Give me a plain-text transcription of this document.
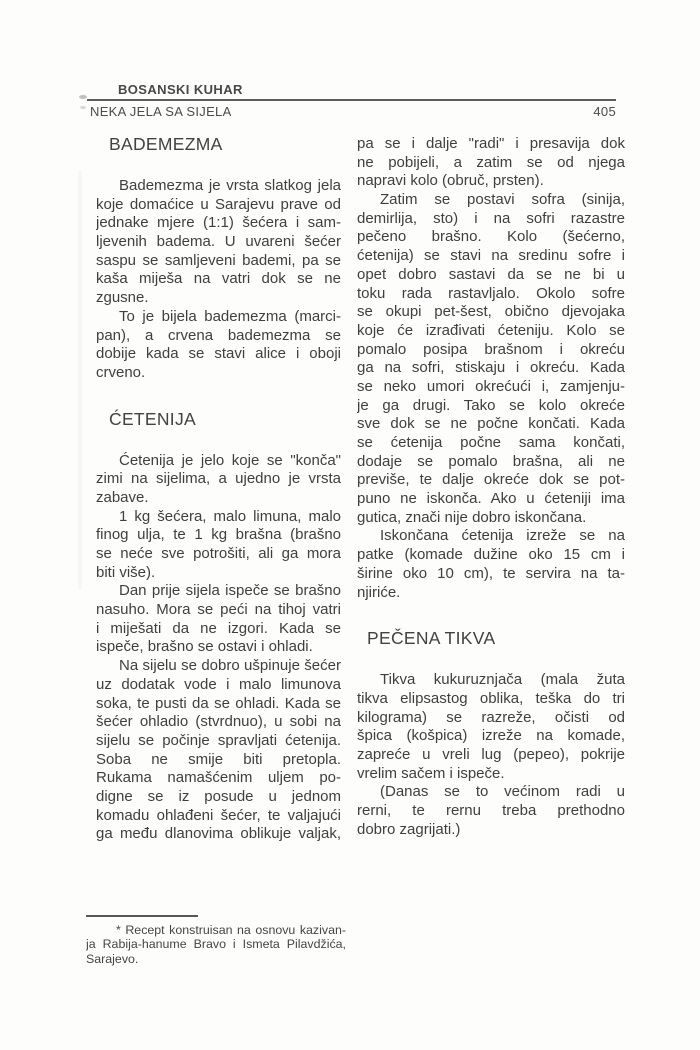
BOSANSKI KUHAR
NEKA JELA SA SIJELA	405
BADEMEZMA
Bademezma je vrsta slatkog jela
koje domaćice u Sarajevu prave od
jednake mjere (1:1) šećera i sam-
ljevenih badema. U uvareni šećer
saspu se samljeveni bademi, pa se
kaša miješa na vatri dok se ne
zgusne.
To je bijela bademezma (marci-
pan), a crvena bademezma se
dobije kada se stavi alice i oboji
crveno.
ĆETENIJA
Ćetenija je jelo koje se "konča"
zimi na sijelima, a ujedno je vrsta
zabave.
1 kg šećera, malo limuna, malo
finog ulja, te 1 kg brašna (brašno
se neće sve potrošiti, ali ga mora
biti više).
Dan prije sijela ispeče se brašno
nasuho. Mora se peći na tihoj vatri
i miješati da ne izgori. Kada se
ispeče, brašno se ostavi i ohladi.
Na sijelu se dobro ušpinuje šećer
uz dodatak vode i malo limunova
soka, te pusti da se ohladi. Kada se
šećer ohladio (stvrdnuo), u sobi na
sijelu se počinje spravljati ćetenija.
Soba ne smije biti pretopla.
Rukama namašćenim uljem po-
digne se iz posude u jednom
komadu ohlađeni šećer, te valjajući
ga među dlanovima oblikuje valjak,
pa se i dalje "radi" i presavija dok
ne pobijeli, a zatim se od njega
napravi kolo (obruč, prsten).
Zatim se postavi sofra (sinija,
demirlija, sto) i na sofri razastre
pečeno brašno. Kolo (šećerno,
ćetenija) se stavi na sredinu sofre i
opet dobro sastavi da se ne bi u
toku rada rastavljalo. Okolo sofre
se okupi pet-šest, obično djevojaka
koje će izrađivati ćeteniju. Kolo se
pomalo posipa brašnom i okreću
ga na sofri, stiskaju i okreću. Kada
se neko umori okrećući i, zamjenju-
je ga drugi. Tako se kolo okreće
sve dok se ne počne končati. Kada
se ćetenija počne sama končati,
dodaje se pomalo brašna, ali ne
previše, te dalje okreće dok se pot-
puno ne iskonča. Ako u ćeteniji ima
gutica, znači nije dobro iskončana.
Iskončana ćetenija izreže se na
patke (komade dužine oko 15 cm i
širine oko 10 cm), te servira na ta-
njiriće.
PEČENA TIKVA
Tikva kukuruznjača (mala žuta
tikva elipsastog oblika, teška do tri
kilograma) se razreže, očisti od
špica (košpica) izreže na komade,
zapreće u vreli lug (pepeo), pokrije
vrelim sačem i ispeče.
(Danas se to većinom radi u
rerni, te rernu treba prethodno
dobro zagrijati.)
* Recept konstruisan na osnovu kazivan-
ja Rabija-hanume Bravo i Ismeta Pilavdžića,
Sarajevo.
